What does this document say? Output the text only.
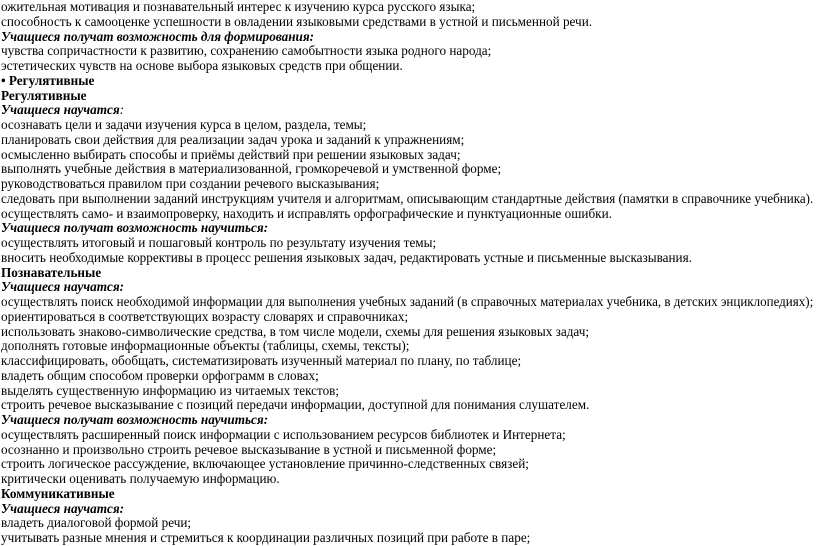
ожительная мотивация и познавательный интерес к изучению курса русского языка;
способность к самооценке успешности в овладении языковыми средствами в устной и письменной речи.
Учащиеся получат возможность для формирования:
чувства сопричастности к развитию, сохранению самобытности языка родного народа;
эстетических чувств на основе выбора языковых средств при общении.
• Регулятивные
Регулятивные
Учащиеся научатся:
осознавать цели и задачи изучения курса в целом, раздела, темы;
планировать свои действия для реализации задач урока и заданий к упражнениям;
осмысленно выбирать способы и приёмы действий при решении языковых задач;
выполнять учебные действия в материализованной, громкоречевой и умственной форме;
руководствоваться правилом при создании речевого высказывания;
следовать при выполнении заданий инструкциям учителя и алгоритмам, описывающим стандартные действия (памятки в справочнике учебника).
осуществлять само- и взаимопроверку, находить и исправлять орфографические и пунктуационные ошибки.
Учащиеся получат возможность научиться:
осуществлять итоговый и пошаговый контроль по результату изучения темы;
вносить необходимые коррективы в процесс решения языковых задач, редактировать устные и письменные высказывания.
Познавательные
Учащиеся научатся:
осуществлять поиск необходимой информации для выполнения учебных заданий (в справочных материалах учебника, в детских энциклопедиях);
ориентироваться в соответствующих возрасту словарях и справочниках;
использовать знаково-символические средства, в том числе модели, схемы для решения языковых задач;
дополнять готовые информационные объекты (таблицы, схемы, тексты);
классифицировать, обобщать, систематизировать изученный материал по плану, по таблице;
владеть общим способом проверки орфограмм в словах;
выделять существенную информацию из читаемых текстов;
строить речевое высказывание с позиций передачи информации, доступной для понимания слушателем.
Учащиеся получат возможность научиться:
осуществлять расширенный поиск информации с использованием ресурсов библиотек и Интернета;
осознанно и произвольно строить речевое высказывание в устной и письменной форме;
строить логическое рассуждение, включающее установление причинно-следственных связей;
критически оценивать получаемую информацию.
Коммуникативные
Учащиеся научатся:
владеть диалоговой формой речи;
учитывать разные мнения и стремиться к координации различных позиций при работе в паре;
